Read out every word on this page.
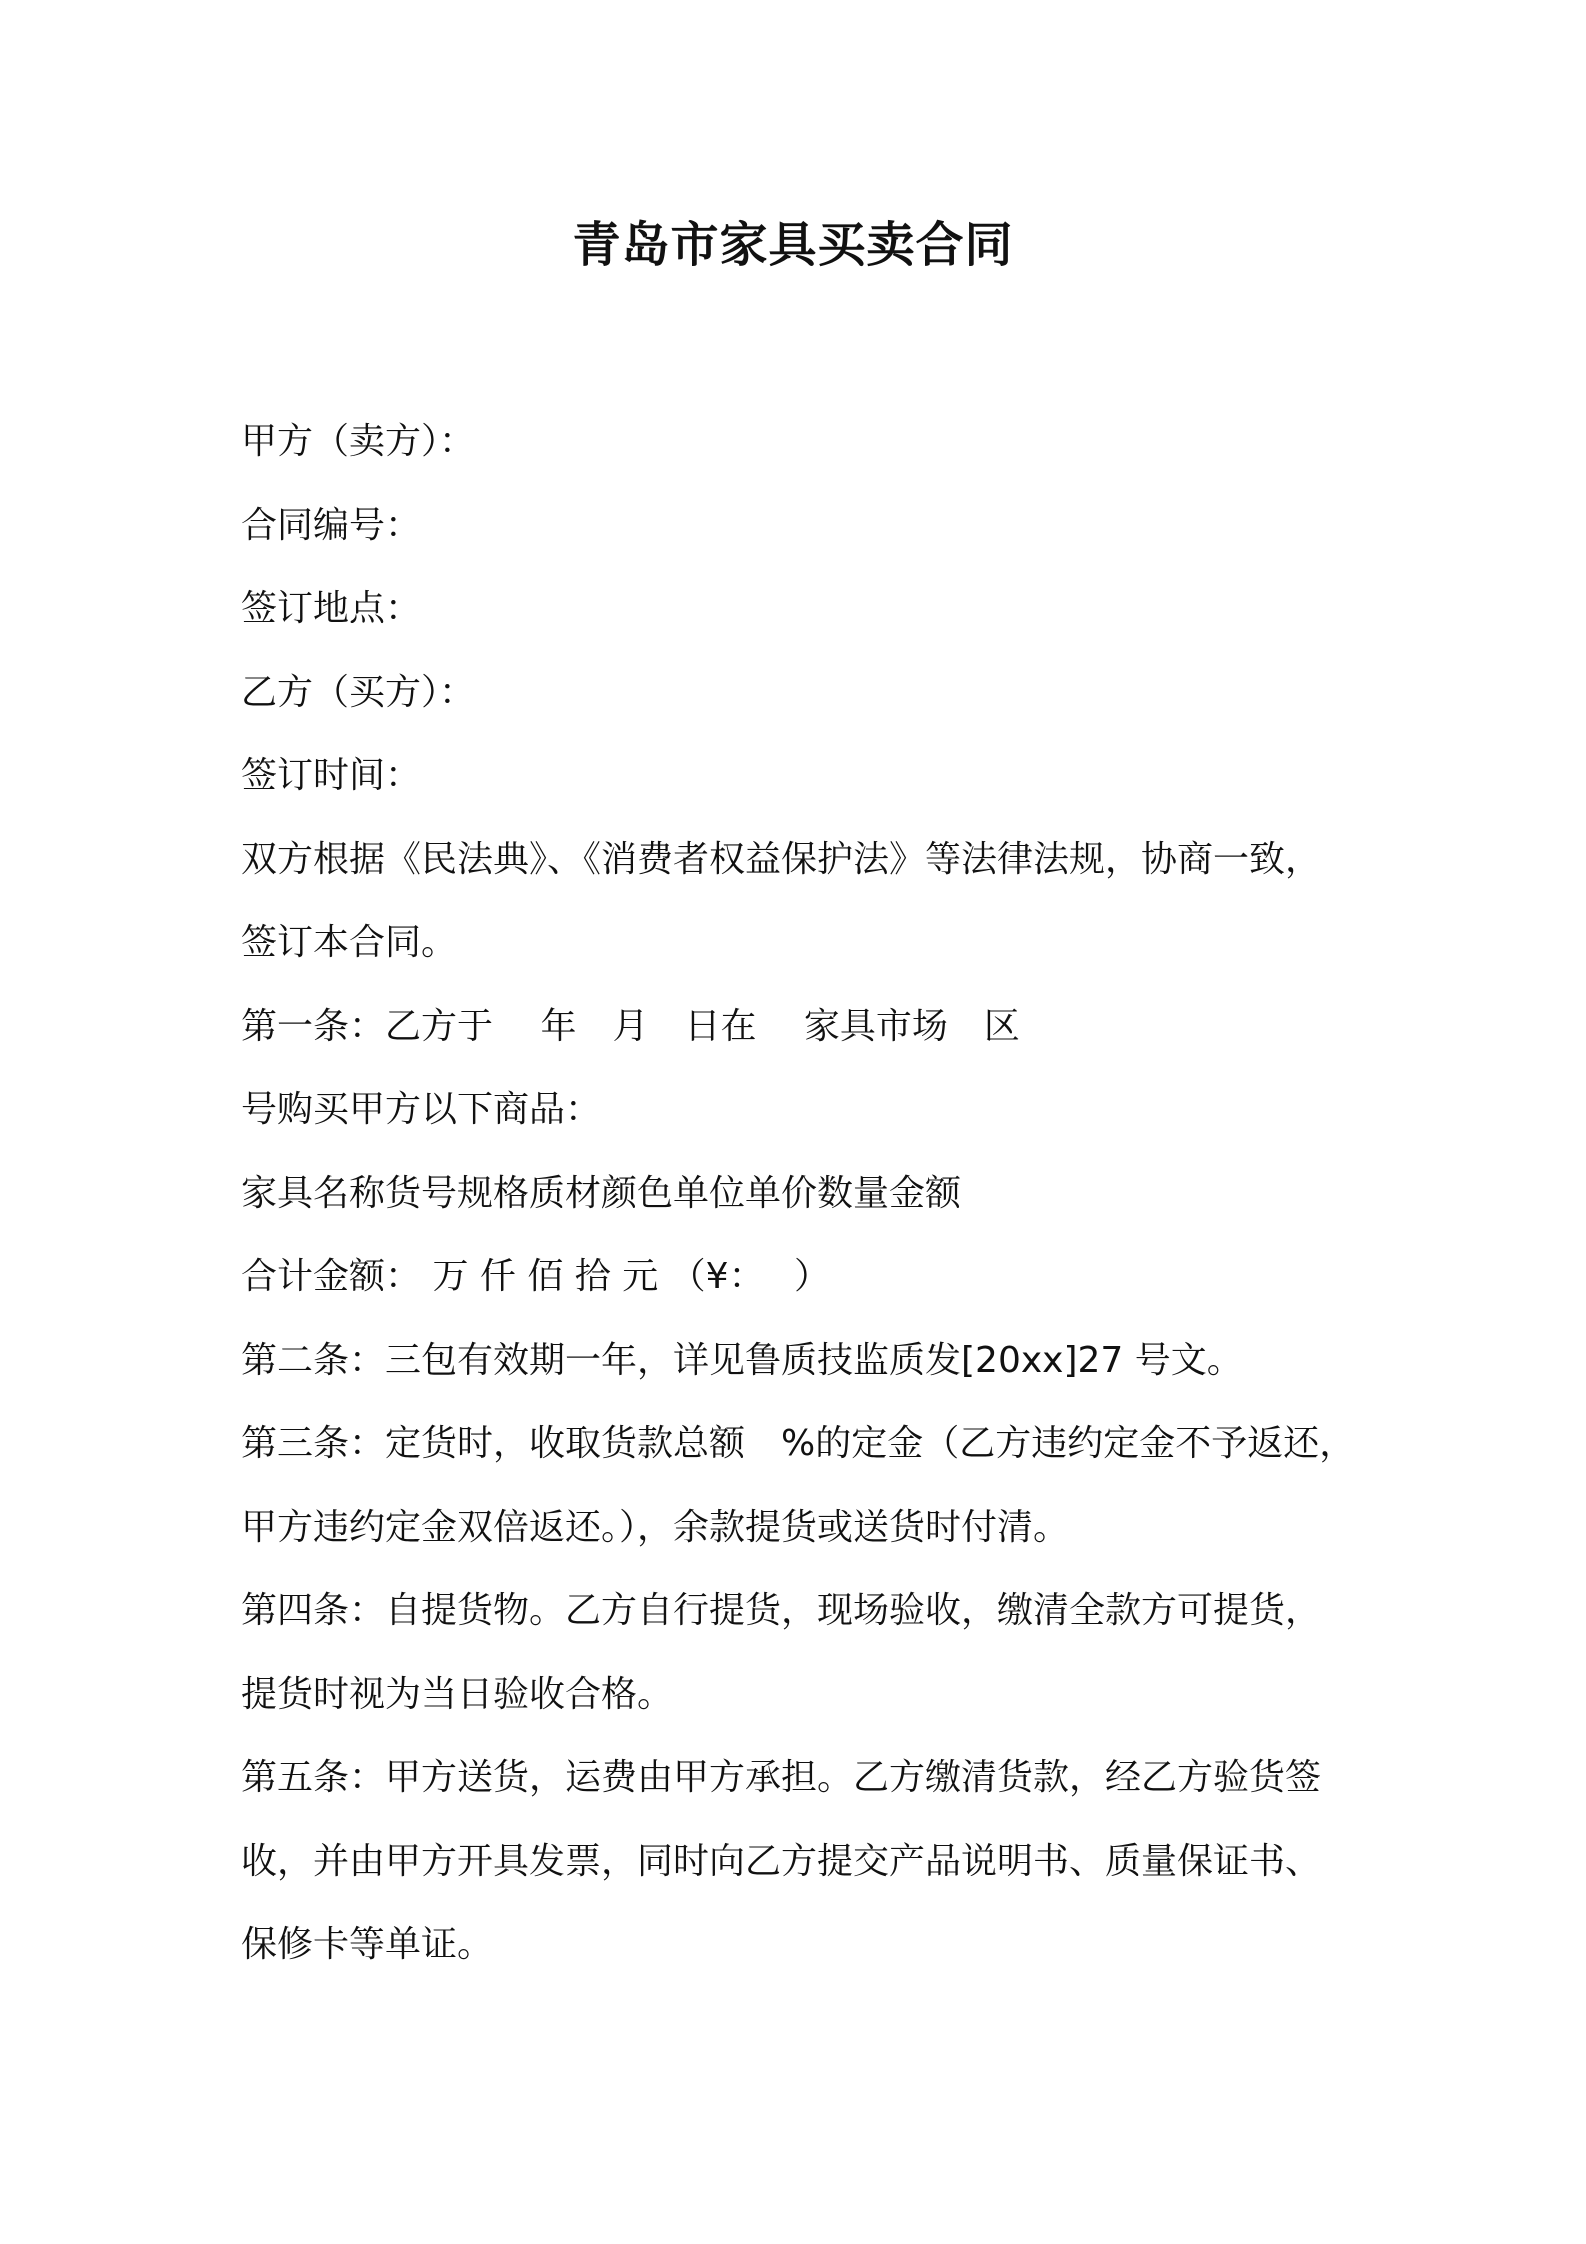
青岛市家具买卖合同

甲方（卖方）：

合同编号：

签订地点：

乙方（买方）：

签订时间：

双方根据《民法典》、《消费者权益保护法》等法律法规，协商一致，

签订本合同。

第一条：乙方于　 年　月　日在　 家具市场　区

号购买甲方以下商品：

家具名称货号规格质材颜色单位单价数量金额

合计金额： 万 仟 佰 拾 元 （¥：　 ）

第二条：三包有效期一年，详见鲁质技监质发[20xx]27 号文。

第三条：定货时，收取货款总额　%的定金（乙方违约定金不予返还，

甲方违约定金双倍返还。），余款提货或送货时付清。

第四条：自提货物。乙方自行提货，现场验收，缴清全款方可提货，

提货时视为当日验收合格。

第五条：甲方送货，运费由甲方承担。乙方缴清货款，经乙方验货签

收，并由甲方开具发票，同时向乙方提交产品说明书、质量保证书、

保修卡等单证。
